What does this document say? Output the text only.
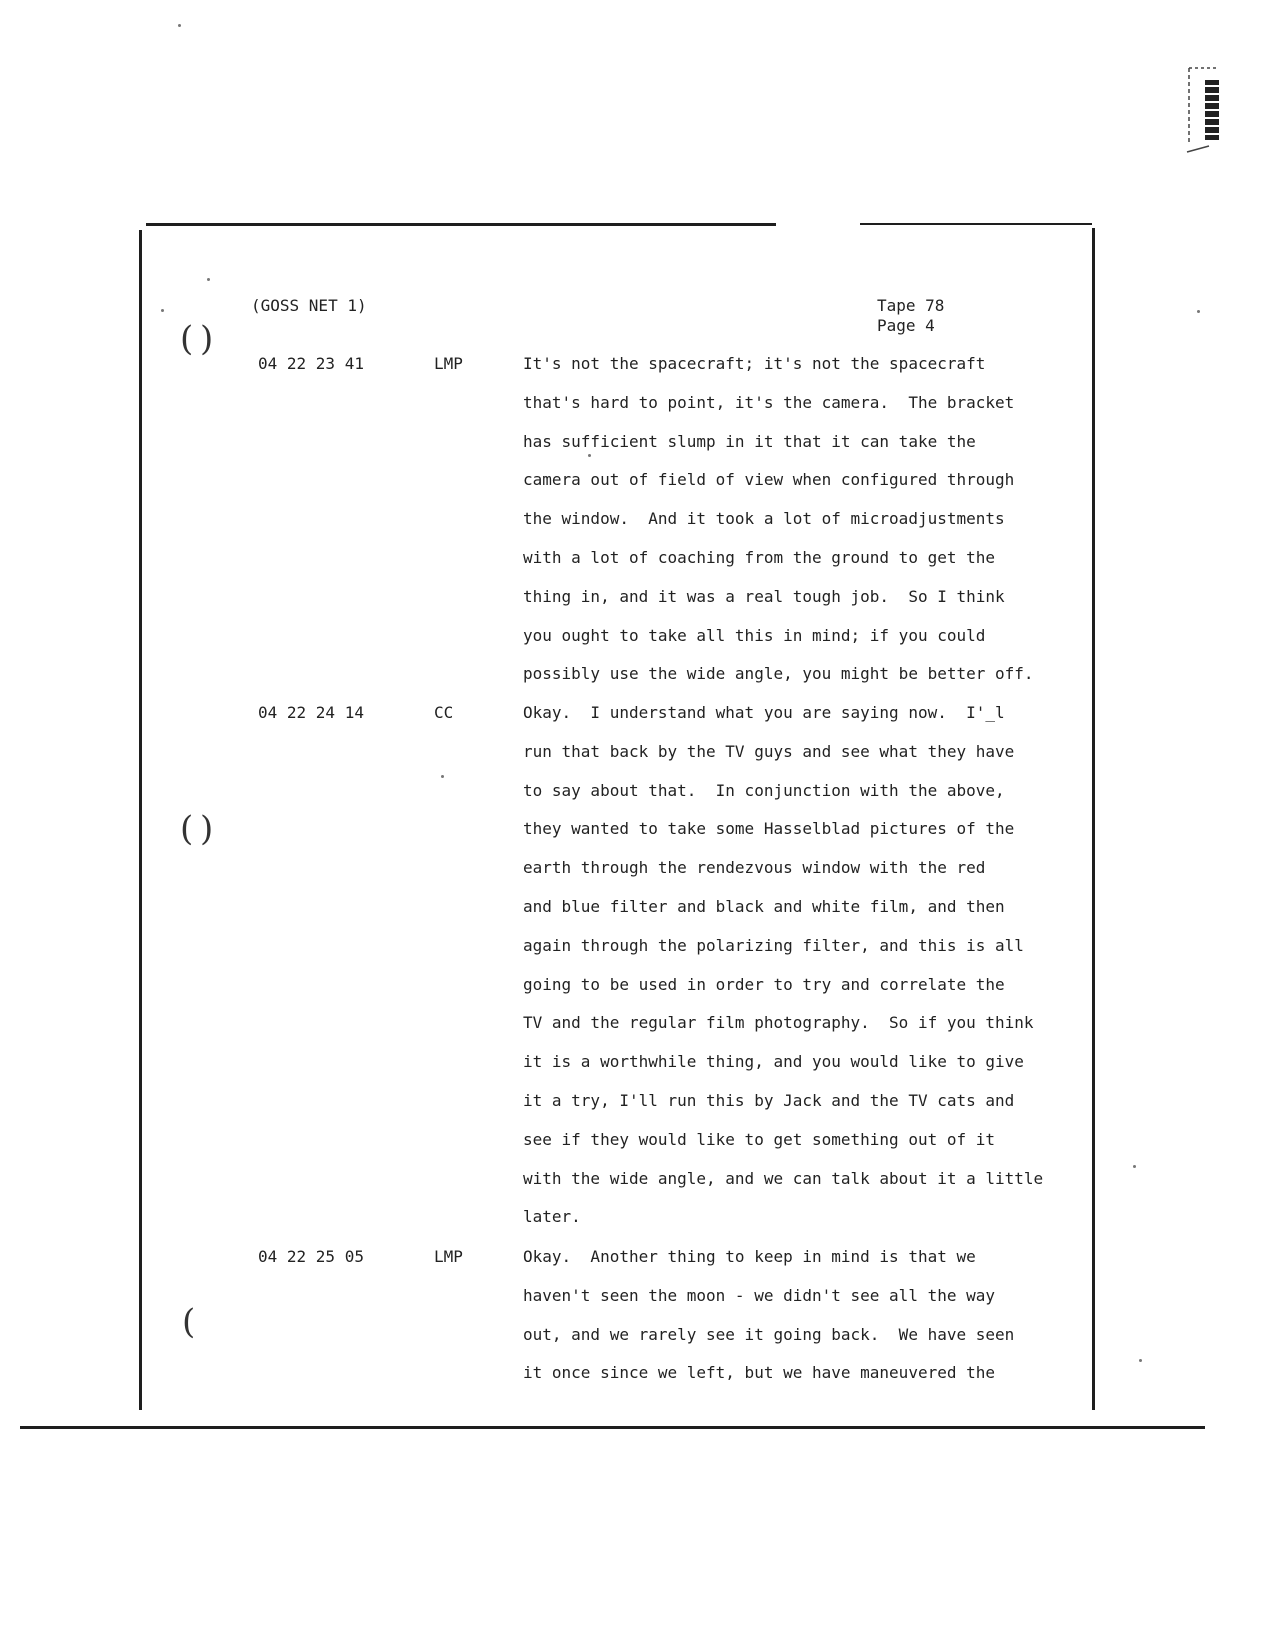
( )
( )
(
(GOSS NET 1)	Tape 78
Page 4
04 22 23 41	LMP	It's not the spacecraft; it's not the spacecraft
that's hard to point, it's the camera.  The bracket
has sufficient slump in it that it can take the
camera out of field of view when configured through
the window.  And it took a lot of microadjustments
with a lot of coaching from the ground to get the
thing in, and it was a real tough job.  So I think
you ought to take all this in mind; if you could
possibly use the wide angle, you might be better off.
04 22 24 14	CC	Okay.  I understand what you are saying now.  I'_l
run that back by the TV guys and see what they have
to say about that.  In conjunction with the above,
they wanted to take some Hasselblad pictures of the
earth through the rendezvous window with the red
and blue filter and black and white film, and then
again through the polarizing filter, and this is all
going to be used in order to try and correlate the
TV and the regular film photography.  So if you think
it is a worthwhile thing, and you would like to give
it a try, I'll run this by Jack and the TV cats and
see if they would like to get something out of it
with the wide angle, and we can talk about it a little
later.
04 22 25 05	LMP	Okay.  Another thing to keep in mind is that we
haven't seen the moon - we didn't see all the way
out, and we rarely see it going back.  We have seen
it once since we left, but we have maneuvered the
